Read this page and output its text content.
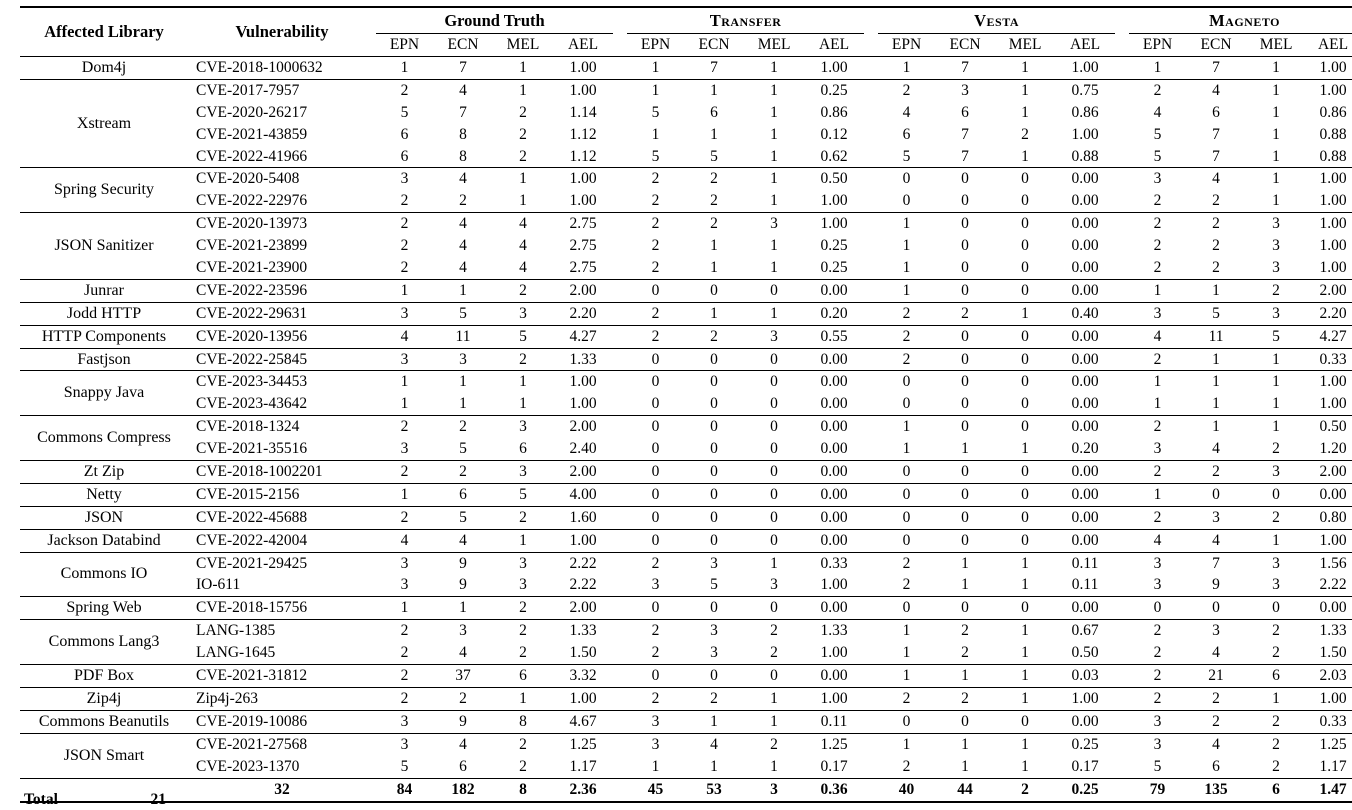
Affected Library	Vulnerability	Ground Truth					Transfer					Vesta					Magneto			
		EPN	ECN	MEL	AEL		EPN	ECN	MEL	AEL		EPN	ECN	MEL	AEL		EPN	ECN	MEL	AEL
Dom4j	CVE-2018-1000632	1	7	1	1.00		1	7	1	1.00		1	7	1	1.00		1	7	1	1.00
Xstream	CVE-2017-7957	2	4	1	1.00		1	1	1	0.25		2	3	1	0.75		2	4	1	1.00
	CVE-2020-26217	5	7	2	1.14		5	6	1	0.86		4	6	1	0.86		4	6	1	0.86
	CVE-2021-43859	6	8	2	1.12		1	1	1	0.12		6	7	2	1.00		5	7	1	0.88
	CVE-2022-41966	6	8	2	1.12		5	5	1	0.62		5	7	1	0.88		5	7	1	0.88
Spring Security	CVE-2020-5408	3	4	1	1.00		2	2	1	0.50		0	0	0	0.00		3	4	1	1.00
	CVE-2022-22976	2	2	1	1.00		2	2	1	1.00		0	0	0	0.00		2	2	1	1.00
JSON Sanitizer	CVE-2020-13973	2	4	4	2.75		2	2	3	1.00		1	0	0	0.00		2	2	3	1.00
	CVE-2021-23899	2	4	4	2.75		2	1	1	0.25		1	0	0	0.00		2	2	3	1.00
	CVE-2021-23900	2	4	4	2.75		2	1	1	0.25		1	0	0	0.00		2	2	3	1.00
Junrar	CVE-2022-23596	1	1	2	2.00		0	0	0	0.00		1	0	0	0.00		1	1	2	2.00
Jodd HTTP	CVE-2022-29631	3	5	3	2.20		2	1	1	0.20		2	2	1	0.40		3	5	3	2.20
HTTP Components	CVE-2020-13956	4	11	5	4.27		2	2	3	0.55		2	0	0	0.00		4	11	5	4.27
Fastjson	CVE-2022-25845	3	3	2	1.33		0	0	0	0.00		2	0	0	0.00		2	1	1	0.33
Snappy Java	CVE-2023-34453	1	1	1	1.00		0	0	0	0.00		0	0	0	0.00		1	1	1	1.00
	CVE-2023-43642	1	1	1	1.00		0	0	0	0.00		0	0	0	0.00		1	1	1	1.00
Commons Compress	CVE-2018-1324	2	2	3	2.00		0	0	0	0.00		1	0	0	0.00		2	1	1	0.50
	CVE-2021-35516	3	5	6	2.40		0	0	0	0.00		1	1	1	0.20		3	4	2	1.20
Zt Zip	CVE-2018-1002201	2	2	3	2.00		0	0	0	0.00		0	0	0	0.00		2	2	3	2.00
Netty	CVE-2015-2156	1	6	5	4.00		0	0	0	0.00		0	0	0	0.00		1	0	0	0.00
JSON	CVE-2022-45688	2	5	2	1.60		0	0	0	0.00		0	0	0	0.00		2	3	2	0.80
Jackson Databind	CVE-2022-42004	4	4	1	1.00		0	0	0	0.00		0	0	0	0.00		4	4	1	1.00
Commons IO	CVE-2021-29425	3	9	3	2.22		2	3	1	0.33		2	1	1	0.11		3	7	3	1.56
	IO-611	3	9	3	2.22		3	5	3	1.00		2	1	1	0.11		3	9	3	2.22
Spring Web	CVE-2018-15756	1	1	2	2.00		0	0	0	0.00		0	0	0	0.00		0	0	0	0.00
Commons Lang3	LANG-1385	2	3	2	1.33		2	3	2	1.33		1	2	1	0.67		2	3	2	1.33
	LANG-1645	2	4	2	1.50		2	3	2	1.00		1	2	1	0.50		2	4	2	1.50
PDF Box	CVE-2021-31812	2	37	6	3.32		0	0	0	0.00		1	1	1	0.03		2	21	6	2.03
Zip4j	Zip4j-263	2	2	1	1.00		2	2	1	1.00		2	2	1	1.00		2	2	1	1.00
Commons Beanutils	CVE-2019-10086	3	9	8	4.67		3	1	1	0.11		0	0	0	0.00		3	2	2	0.33
JSON Smart	CVE-2021-27568	3	4	2	1.25		3	4	2	1.25		1	1	1	0.25		3	4	2	1.25
	CVE-2023-1370	5	6	2	1.17		1	1	1	0.17		2	1	1	0.17		5	6	2	1.17

Total 21	32	84	182	8	2.36		45	53	3	0.36		40	44	2	0.25		79	135	6	1.47
